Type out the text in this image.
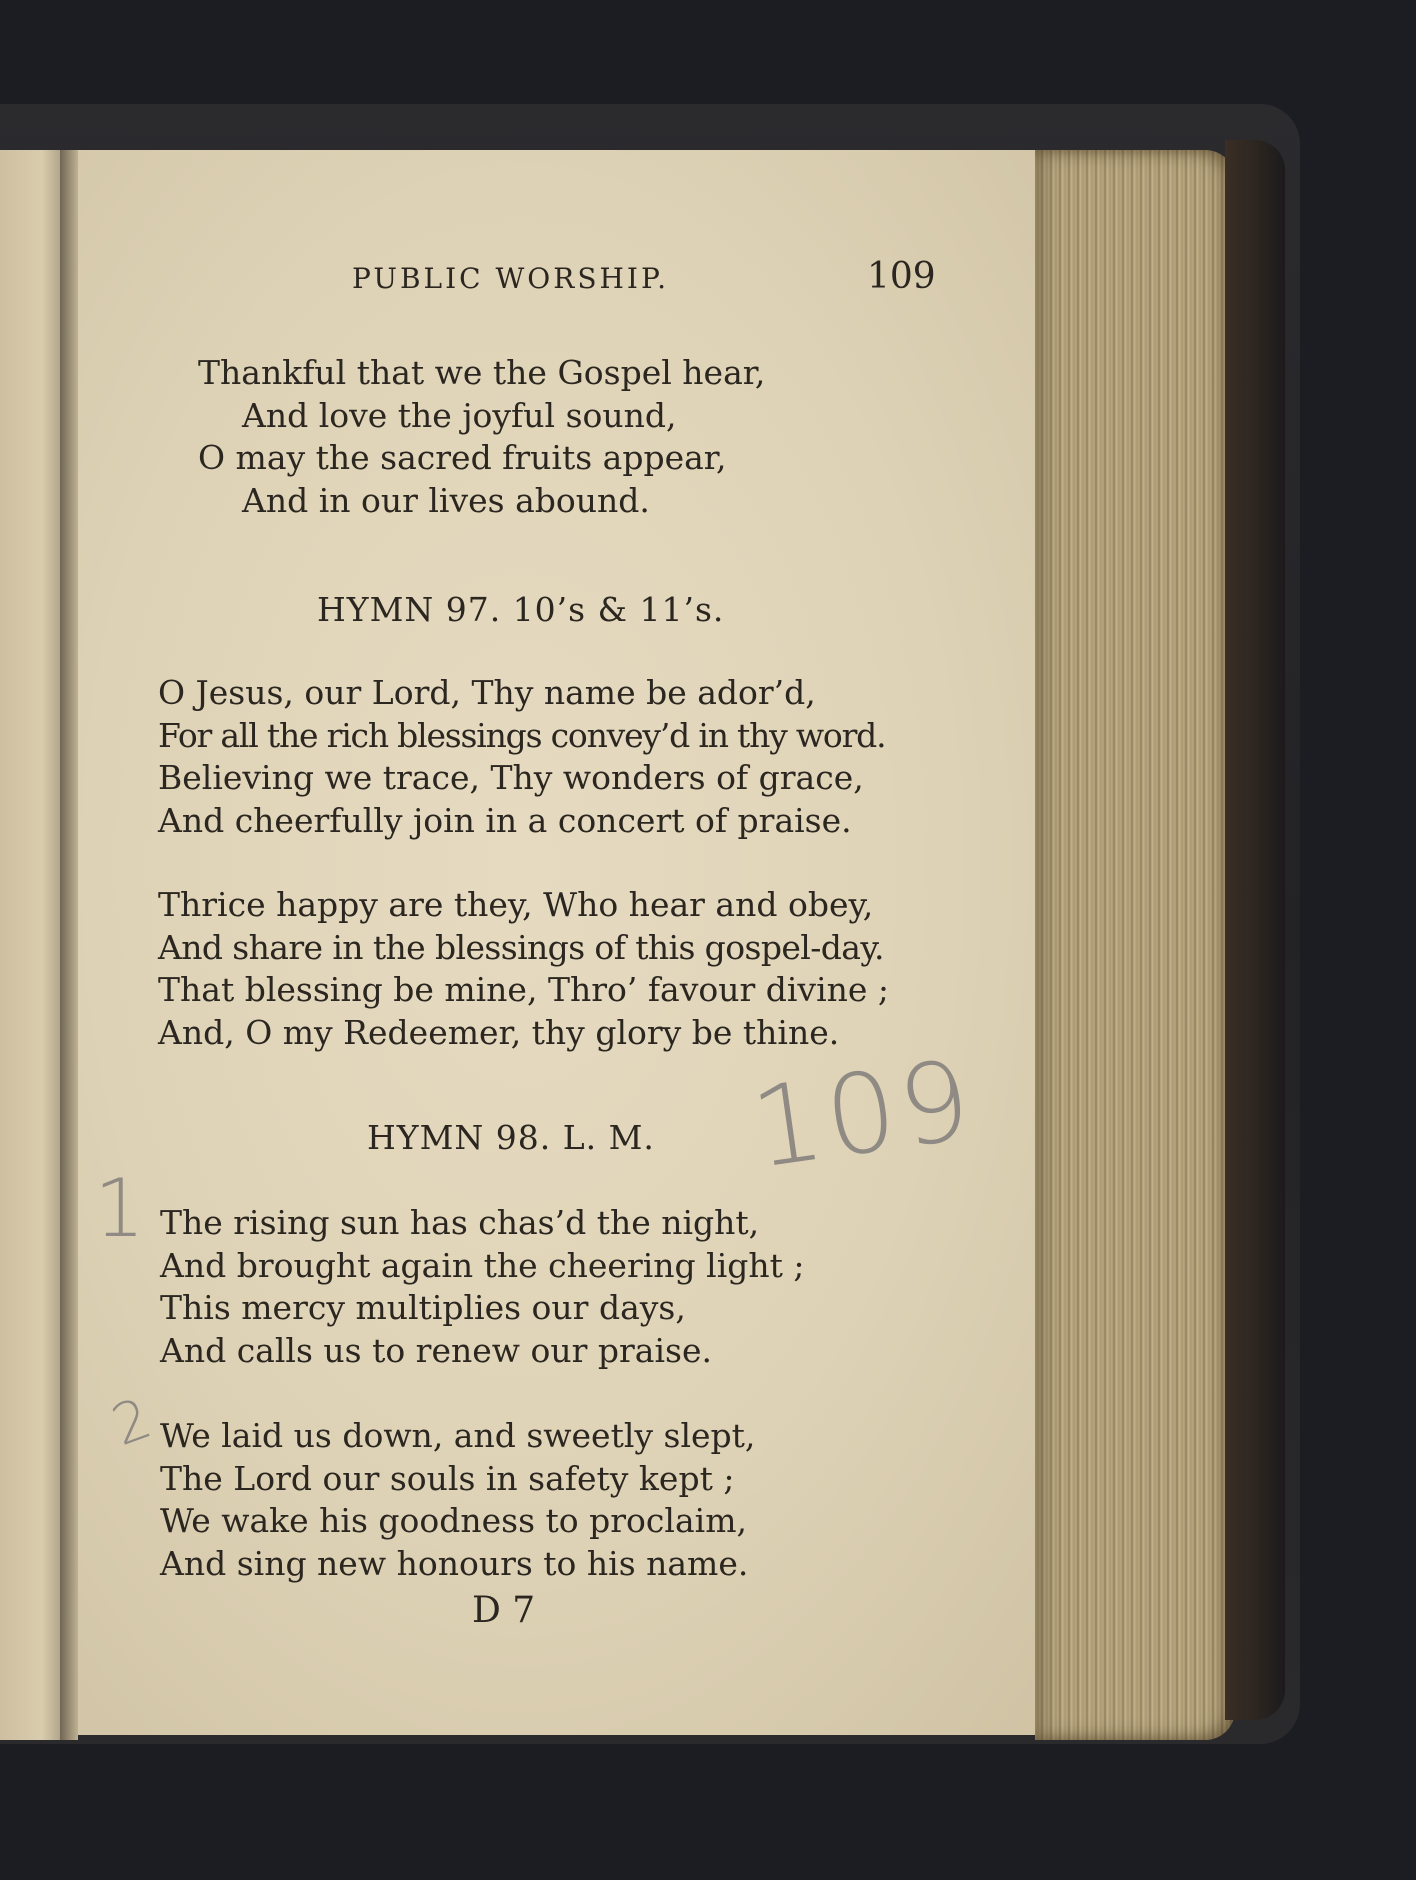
PUBLIC WORSHIP.	109
Thankful that we the Gospel hear,
And love the joyful sound,
O may the sacred fruits appear,
And in our lives abound.
HYMN 97. 10’s & 11’s.
O Jesus, our Lord, Thy name be ador’d,
For all the rich blessings convey’d in thy word.
Believing we trace, Thy wonders of grace,
And cheerfully join in a concert of praise.
Thrice happy are they, Who hear and obey,
And share in the blessings of this gospel-day.
That blessing be mine, Thro’ favour divine ;
And, O my Redeemer, thy glory be thine.
HYMN 98. L. M.
The rising sun has chas’d the night,
And brought again the cheering light ;
This mercy multiplies our days,
And calls us to renew our praise.
We laid us down, and sweetly slept,
The Lord our souls in safety kept ;
We wake his goodness to proclaim,
And sing new honours to his name.
D 7
109
1
2
